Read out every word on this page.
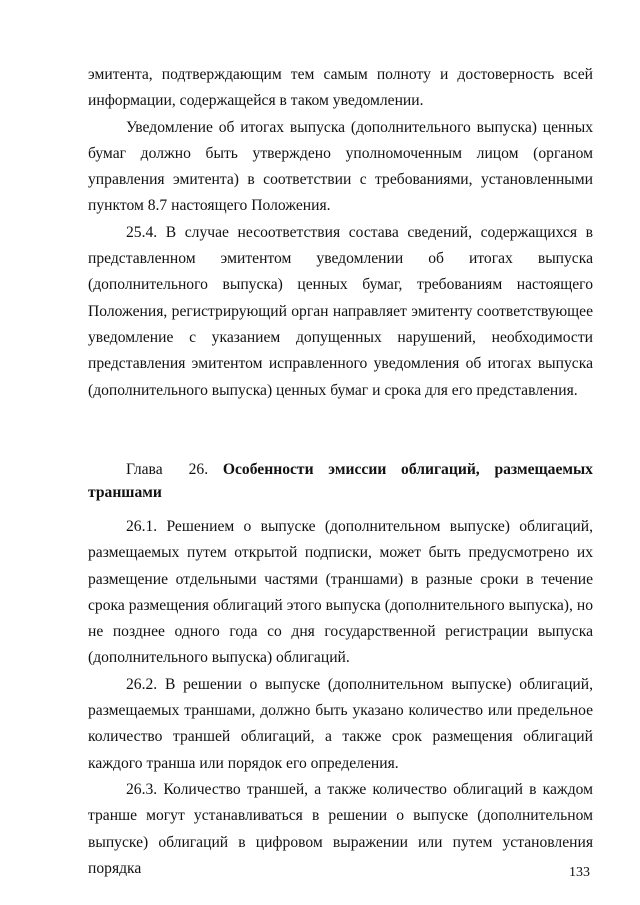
эмитента, подтверждающим тем самым полноту и достоверность всей информации, содержащейся в таком уведомлении.

Уведомление об итогах выпуска (дополнительного выпуска) ценных бумаг должно быть утверждено уполномоченным лицом (органом управления эмитента) в соответствии с требованиями, установленными пунктом 8.7 настоящего Положения.

25.4. В случае несоответствия состава сведений, содержащихся в представленном эмитентом уведомлении об итогах выпуска (дополнительного выпуска) ценных бумаг, требованиям настоящего Положения, регистрирующий орган направляет эмитенту соответствующее уведомление с указанием допущенных нарушений, необходимости представления эмитентом исправленного уведомления об итогах выпуска (дополнительного выпуска) ценных бумаг и срока для его представления.

Глава 26. Особенности эмиссии облигаций, размещаемых траншами

26.1. Решением о выпуске (дополнительном выпуске) облигаций, размещаемых путем открытой подписки, может быть предусмотрено их размещение отдельными частями (траншами) в разные сроки в течение срока размещения облигаций этого выпуска (дополнительного выпуска), но не позднее одного года со дня государственной регистрации выпуска (дополнительного выпуска) облигаций.

26.2. В решении о выпуске (дополнительном выпуске) облигаций, размещаемых траншами, должно быть указано количество или предельное количество траншей облигаций, а также срок размещения облигаций каждого транша или порядок его определения.

26.3. Количество траншей, а также количество облигаций в каждом транше могут устанавливаться в решении о выпуске (дополнительном выпуске) облигаций в цифровом выражении или путем установления порядка	133
